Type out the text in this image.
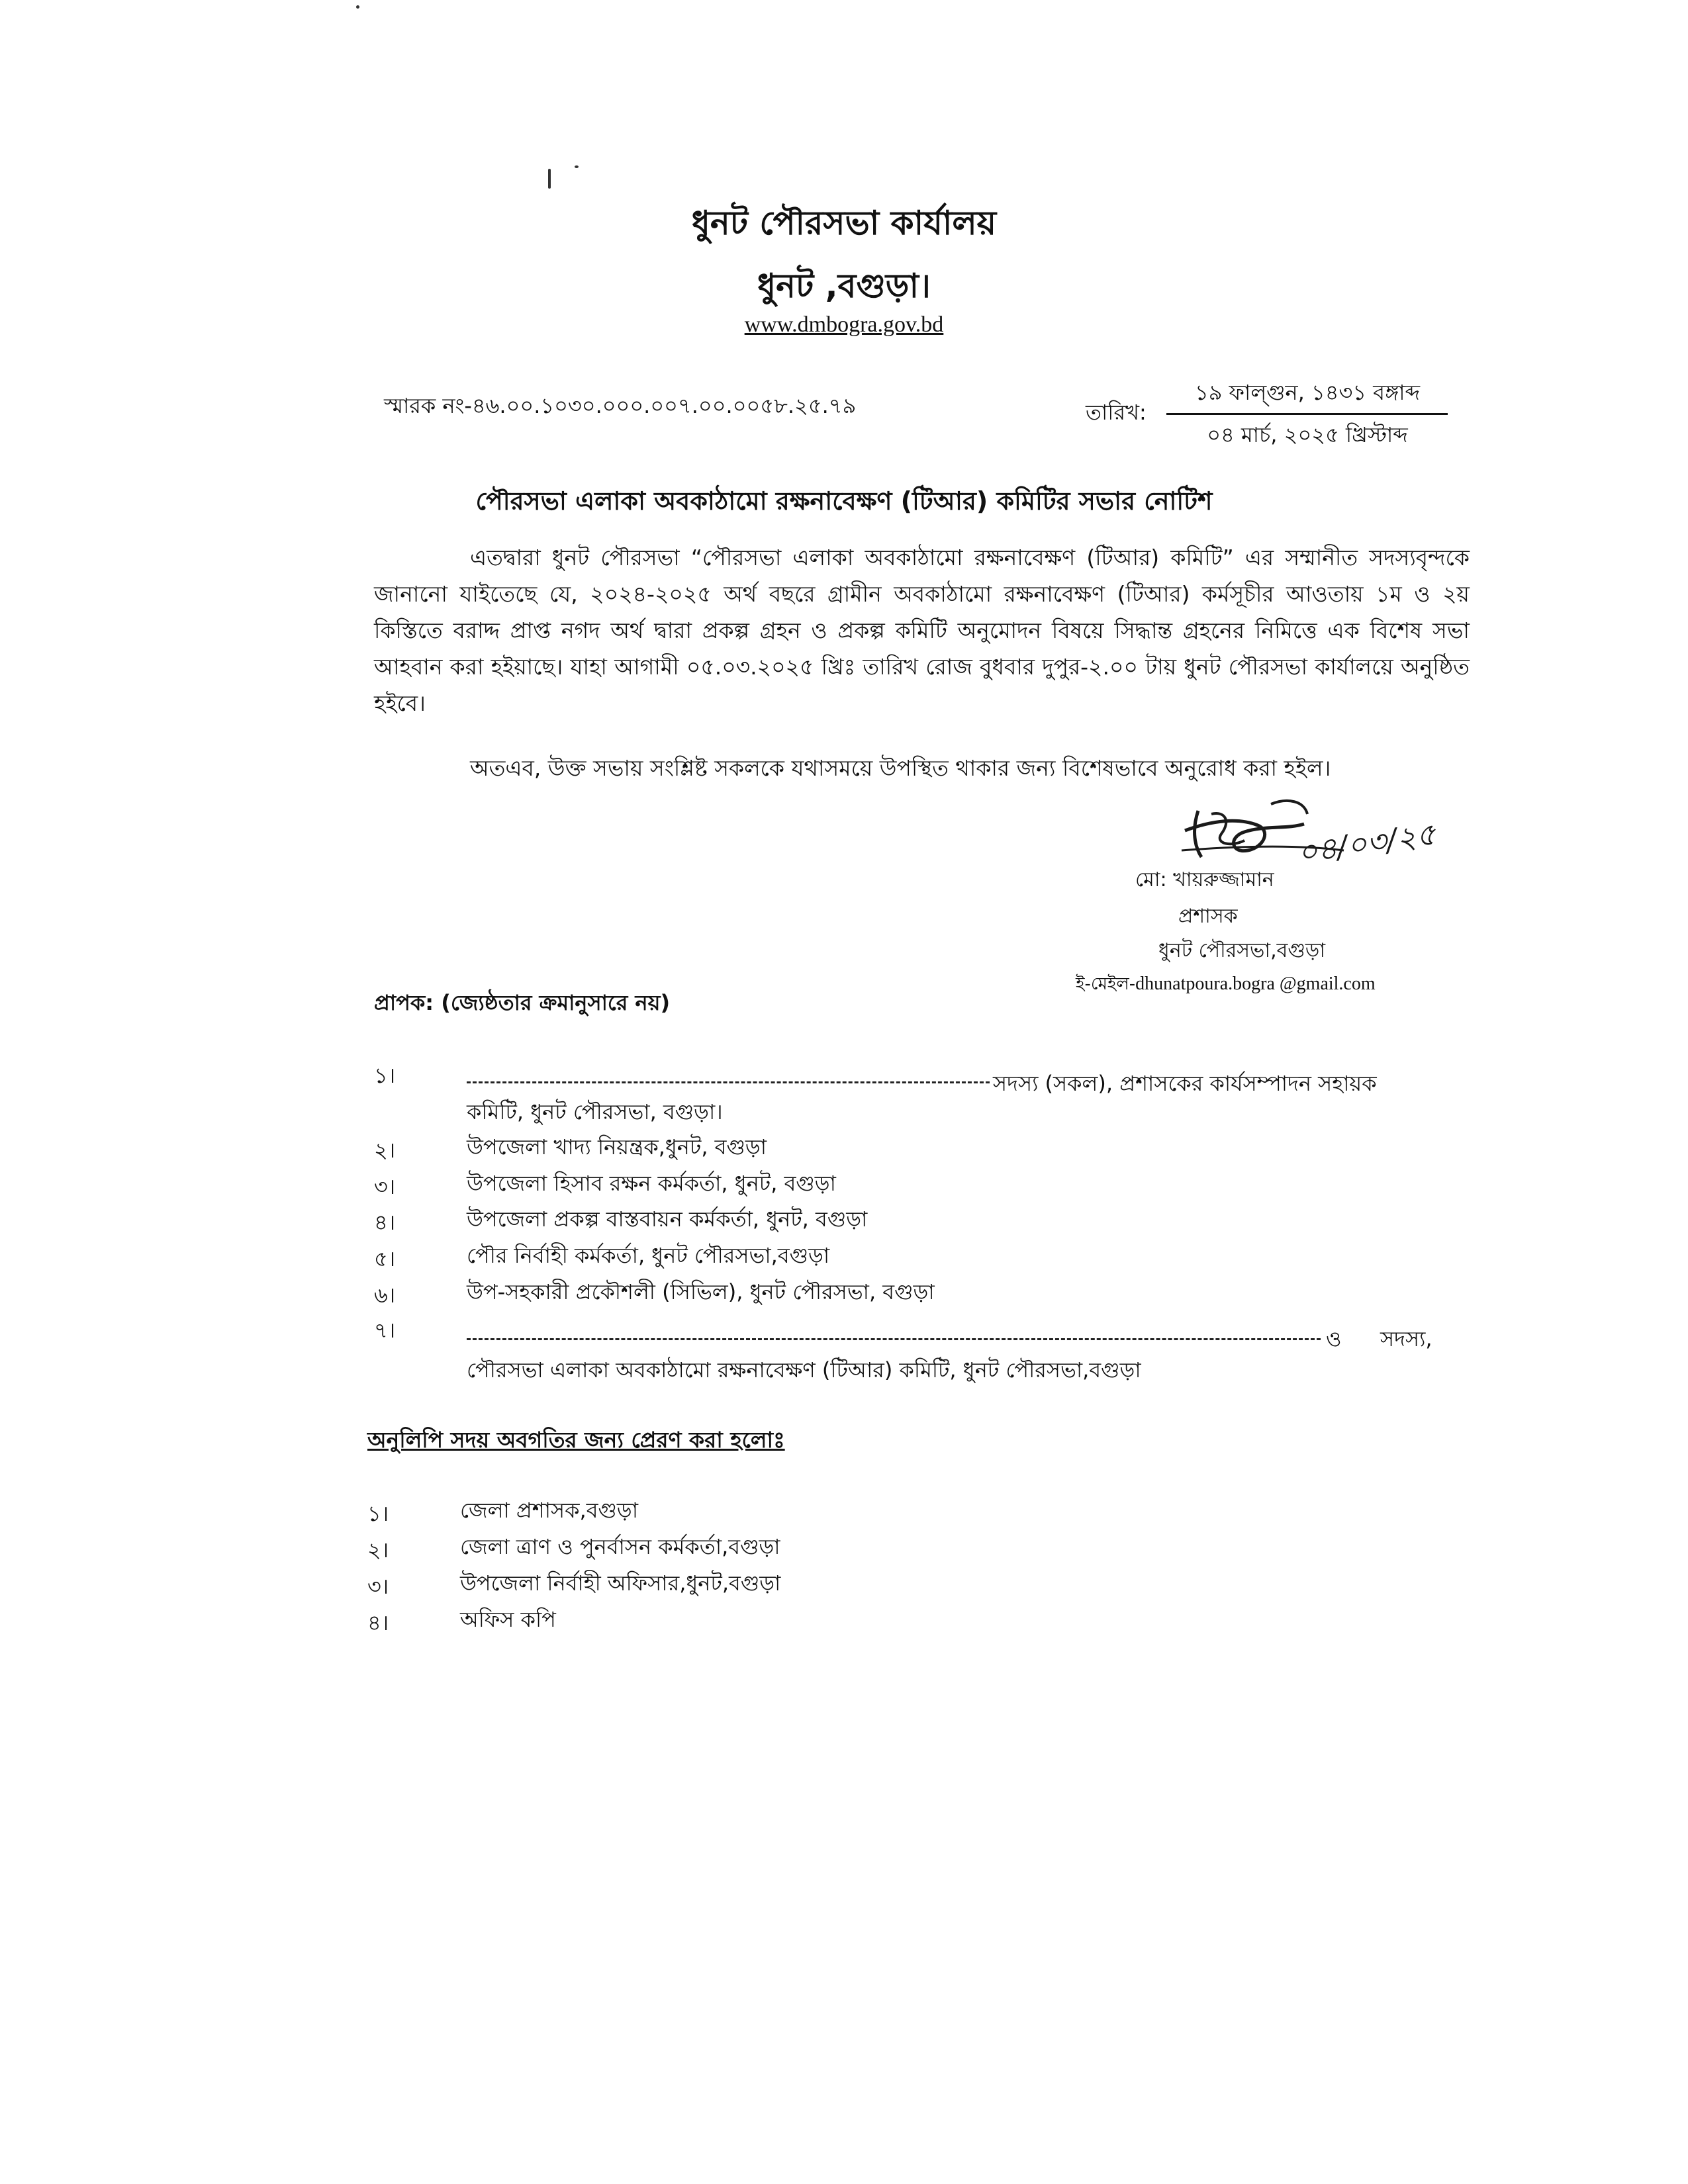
ধুনট পৌরসভা কার্যালয়
ধুনট ,বগুড়া।
www.dmbogra.gov.bd
স্মারক নং-৪৬.০০.১০৩০.০০০.০০৭.০০.০০৫৮.২৫.৭৯	তারিখ:
১৯ ফাল্গুন, ১৪৩১ বঙ্গাব্দ
০৪ মার্চ, ২০২৫ খ্রিস্টাব্দ
পৌরসভা এলাকা অবকাঠামো রক্ষনাবেক্ষণ (টিআর) কমিটির সভার নোটিশ
এতদ্বারা ধুনট পৌরসভা “পৌরসভা এলাকা অবকাঠামো রক্ষনাবেক্ষণ (টিআর) কমিটি” এর সম্মানীত সদস্যবৃন্দকে জানানো যাইতেছে যে, ২০২৪-২০২৫ অর্থ বছরে গ্রামীন অবকাঠামো রক্ষনাবেক্ষণ (টিআর) কর্মসূচীর আওতায় ১ম ও ২য় কিস্তিতে বরাদ্দ প্রাপ্ত নগদ অর্থ দ্বারা প্রকল্প গ্রহন ও প্রকল্প কমিটি অনুমোদন বিষয়ে সিদ্ধান্ত গ্রহনের নিমিত্তে এক বিশেষ সভা আহবান করা হইয়াছে। যাহা আগামী ০৫.০৩.২০২৫ খ্রিঃ তারিখ রোজ বুধবার দুপুর-২.০০ টায় ধুনট পৌরসভা কার্যালয়ে অনুষ্ঠিত হইবে।
অতএব, উক্ত সভায় সংশ্লিষ্ট সকলকে যথাসময়ে উপস্থিত থাকার জন্য বিশেষভাবে অনুরোধ করা হইল।
০৪/০৩/২৫
মো: খায়রুজ্জামান
প্রশাসক
ধুনট পৌরসভা,বগুড়া
ই-মেইল-dhunatpoura.bogra @gmail.com
প্রাপক: (জ্যেষ্ঠতার ক্রমানুসারে নয়)
১।	সদস্য (সকল), প্রশাসকের কার্যসম্পাদন সহায়ক
কমিটি, ধুনট পৌরসভা, বগুড়া।
২।	উপজেলা খাদ্য নিয়ন্ত্রক,ধুনট, বগুড়া
৩।	উপজেলা হিসাব রক্ষন কর্মকর্তা, ধুনট, বগুড়া
৪।	উপজেলা প্রকল্প বাস্তবায়ন কর্মকর্তা, ধুনট, বগুড়া
৫।	পৌর নির্বাহী কর্মকর্তা, ধুনট পৌরসভা,বগুড়া
৬।	উপ-সহকারী প্রকৌশলী (সিভিল), ধুনট পৌরসভা, বগুড়া
৭।	ও সদস্য,
পৌরসভা এলাকা অবকাঠামো রক্ষনাবেক্ষণ (টিআর) কমিটি, ধুনট পৌরসভা,বগুড়া
অনুলিপি সদয় অবগতির জন্য প্রেরণ করা হলোঃ
১।	জেলা প্রশাসক,বগুড়া
২।	জেলা ত্রাণ ও পুনর্বাসন কর্মকর্তা,বগুড়া
৩।	উপজেলা নির্বাহী অফিসার,ধুনট,বগুড়া
৪।	অফিস কপি
